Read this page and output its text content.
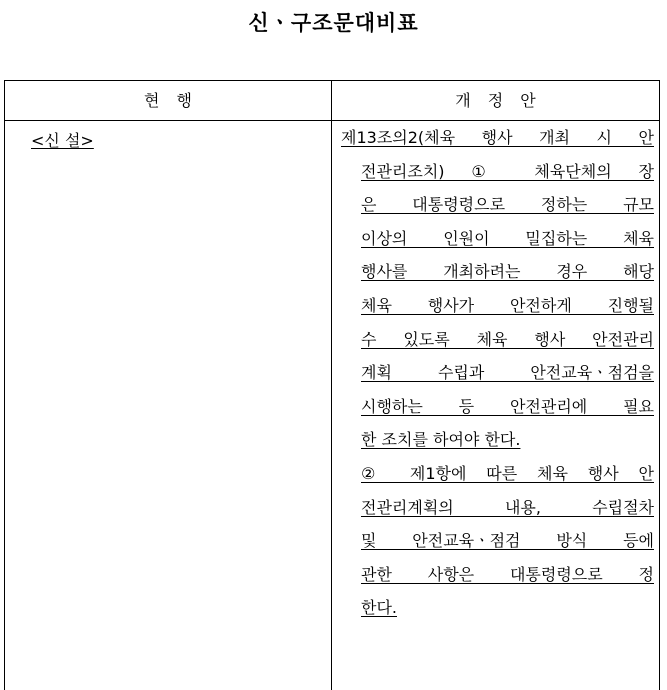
신ㆍ구조문대비표
현 행	개 정 안
<신 설>	제13조의2(체육 행사 개최 시 안
전관리조치) ① 체육단체의 장
은 대통령령으로 정하는 규모
이상의 인원이 밀집하는 체육
행사를 개최하려는 경우 해당
체육 행사가 안전하게 진행될
수 있도록 체육 행사 안전관리
계획 수립과 안전교육ㆍ점검을
시행하는 등 안전관리에 필요
한 조치를 하여야 한다.
② 제1항에 따른 체육 행사 안
전관리계획의 내용, 수립절차
및 안전교육ㆍ점검 방식 등에
관한 사항은 대통령령으로 정
한다.
